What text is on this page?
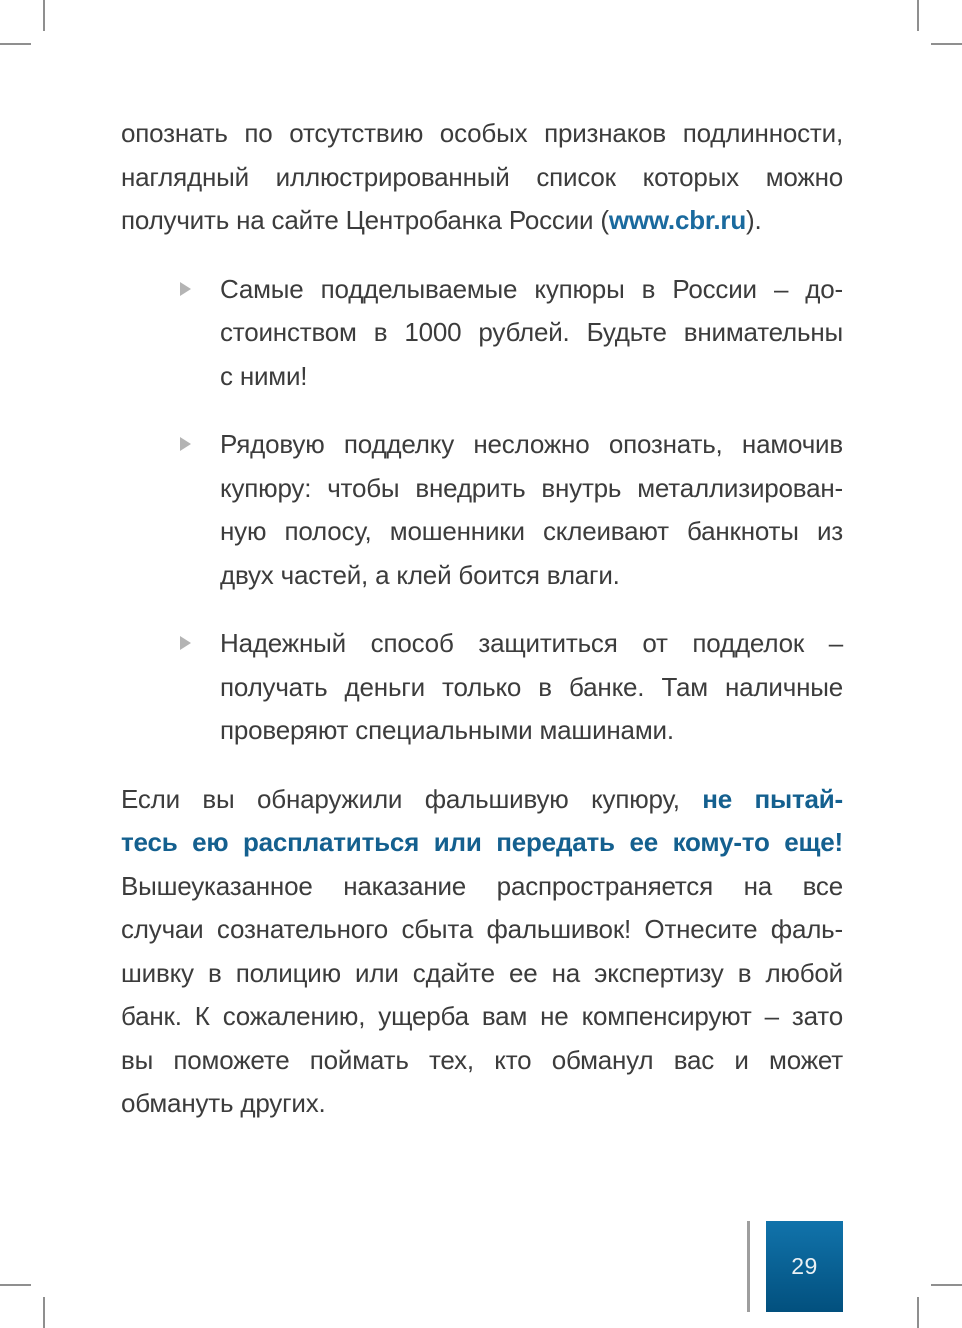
опознать по отсутствию особых признаков подлинности,
наглядный иллюстрированный список которых можно
получить на сайте Центробанка России (www.cbr.ru).
Самые подделываемые купюры в России – до-
стоинством в 1000 рублей. Будьте внимательны
с ними!
Рядовую подделку несложно опознать, намочив
купюру: чтобы внедрить внутрь металлизирован-
ную полосу, мошенники склеивают банкноты из
двух частей, а клей боится влаги.
Надежный способ защититься от подделок –
получать деньги только в банке. Там наличные
проверяют специальными машинами.
Если вы обнаружили фальшивую купюру, не пытай-
тесь ею расплатиться или передать ее кому-то еще!
Вышеуказанное наказание распространяется на все
случаи сознательного сбыта фальшивок! Отнесите фаль-
шивку в полицию или сдайте ее на экспертизу в любой
банк. К сожалению, ущерба вам не компенсируют – зато
вы поможете поймать тех, кто обманул вас и может
обмануть других.
29
